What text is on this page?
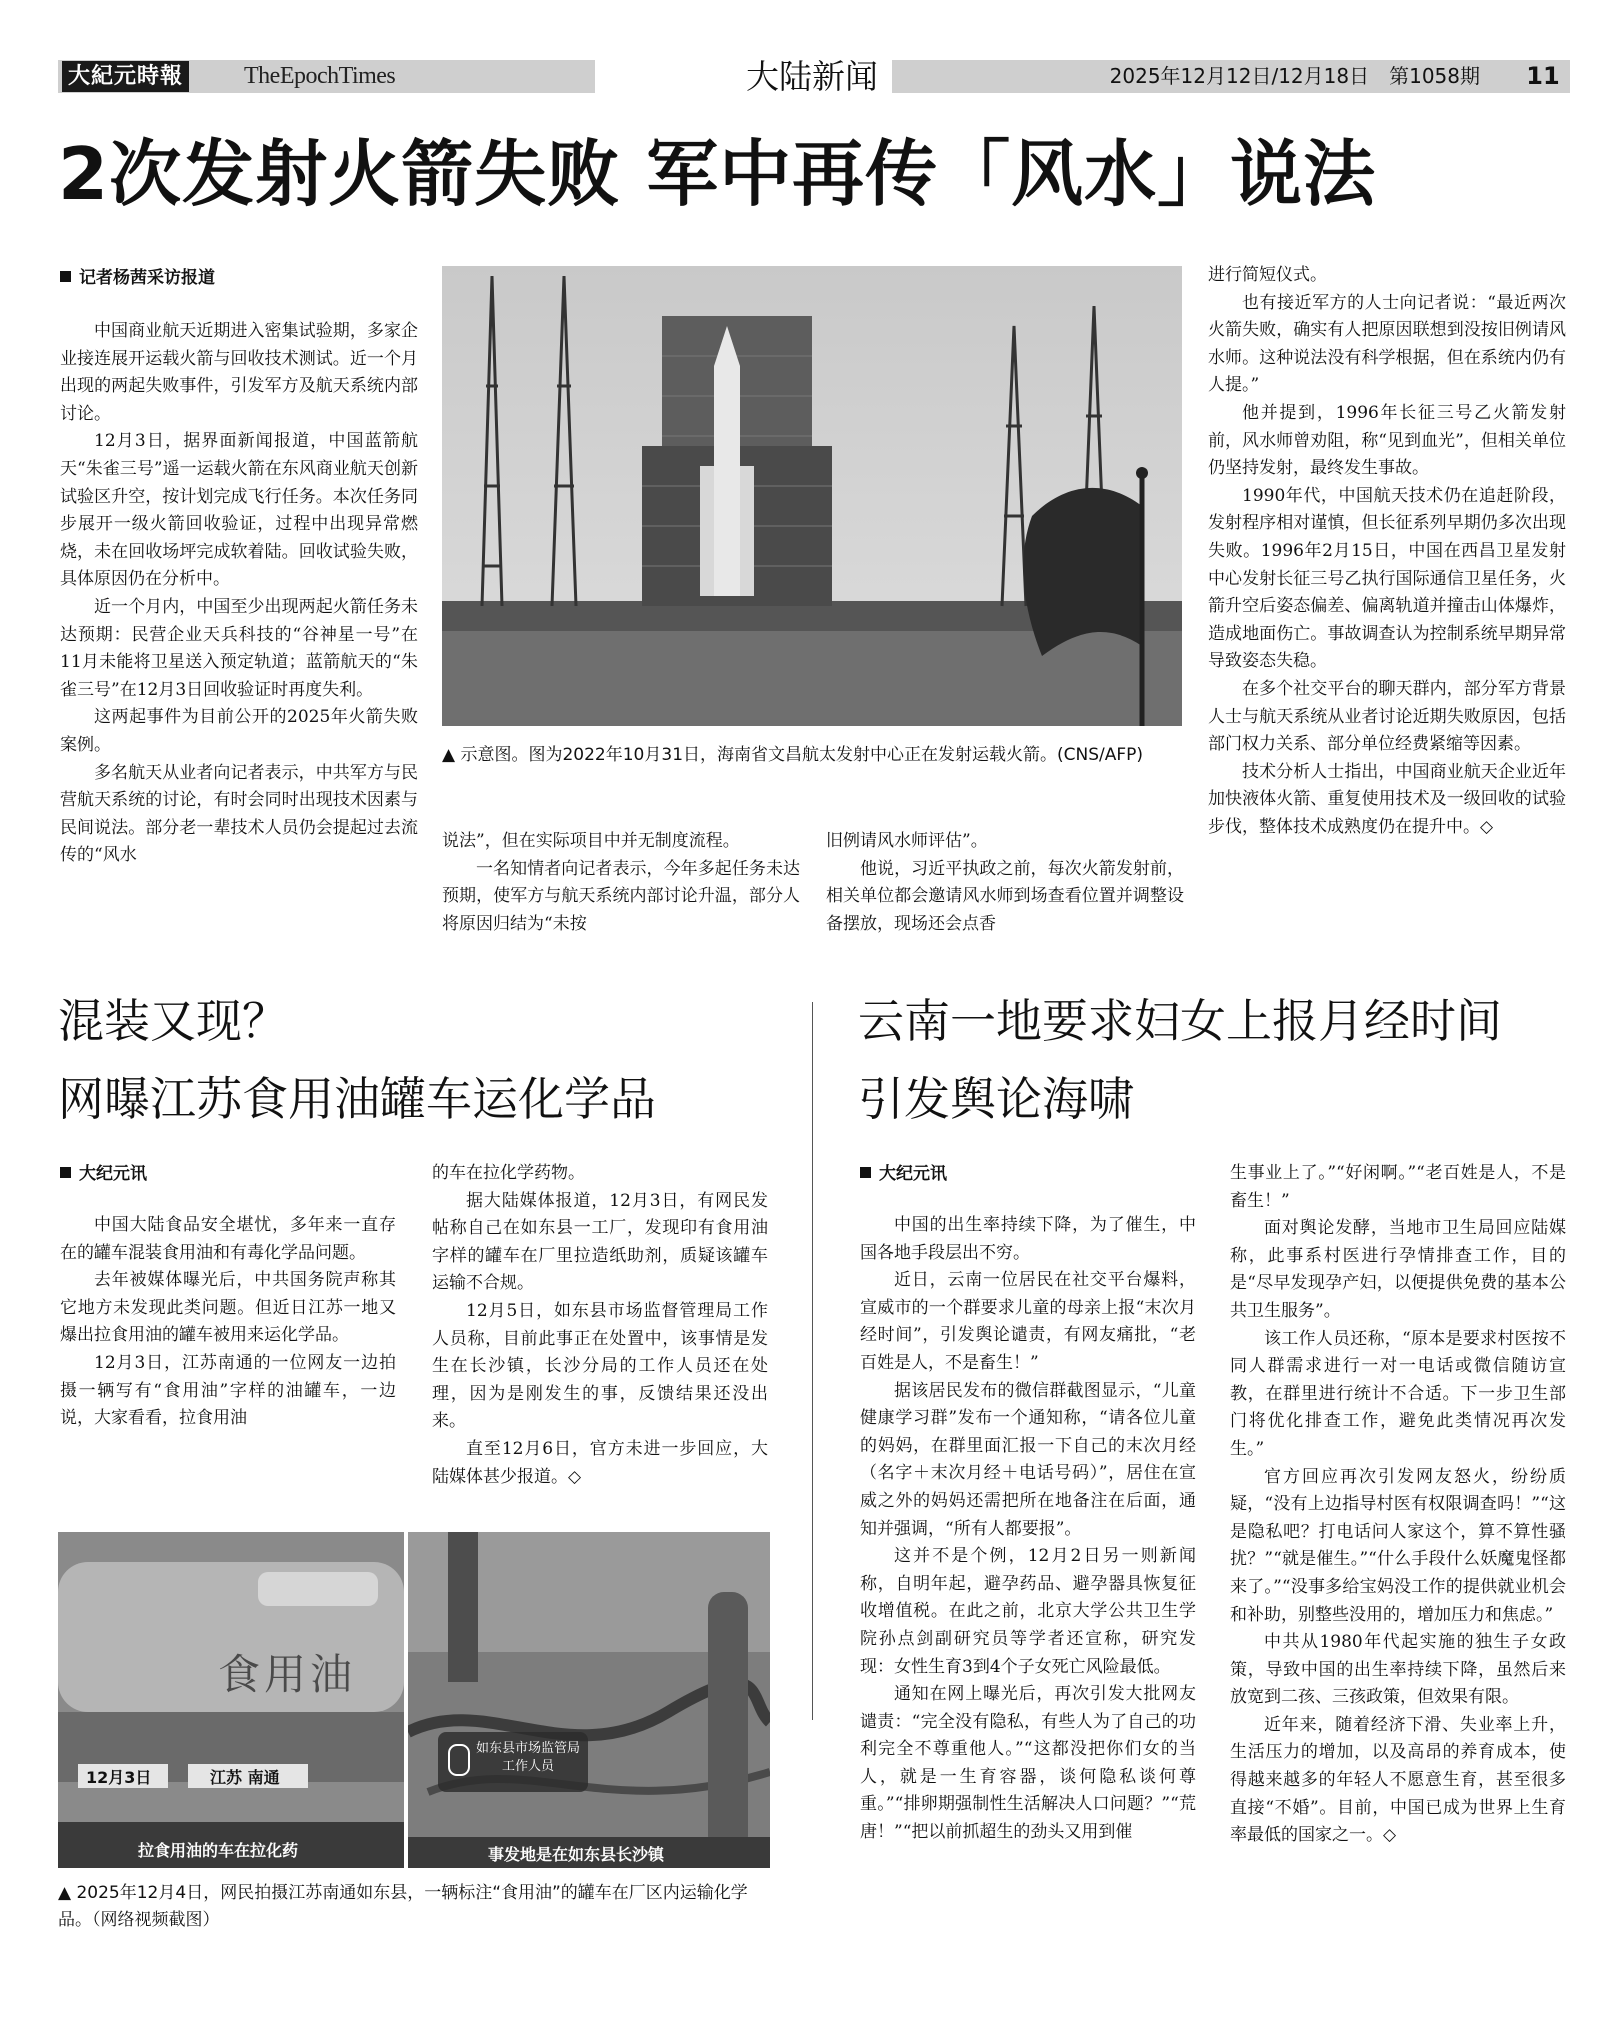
大紀元時報	TheEpochTimes	大陆新闻	2025年12月12日/12月18日　第1058期	11
2次发射火箭失败 军中再传「风水」说法
记者杨茜采访报道

中国商业航天近期进入密集试验期，多家企业接连展开运载火箭与回收技术测试。近一个月出现的两起失败事件，引发军方及航天系统内部讨论。

12月3日，据界面新闻报道，中国蓝箭航天“朱雀三号”遥一运载火箭在东风商业航天创新试验区升空，按计划完成飞行任务。本次任务同步展开一级火箭回收验证，过程中出现异常燃烧，未在回收场坪完成软着陆。回收试验失败，具体原因仍在分析中。

近一个月内，中国至少出现两起火箭任务未达预期：民营企业天兵科技的“谷神星一号”在11月未能将卫星送入预定轨道；蓝箭航天的“朱雀三号”在12月3日回收验证时再度失利。

这两起事件为目前公开的2025年火箭失败案例。

多名航天从业者向记者表示，中共军方与民营航天系统的讨论，有时会同时出现技术因素与民间说法。部分老一辈技术人员仍会提起过去流传的“风水

▲ 示意图。图为2022年10月31日，海南省文昌航太发射中心正在发射运载火箭。(CNS/AFP)

说法”，但在实际项目中并无制度流程。

一名知情者向记者表示，今年多起任务未达预期，使军方与航天系统内部讨论升温，部分人将原因归结为“未按

旧例请风水师评估”。

他说，习近平执政之前，每次火箭发射前，相关单位都会邀请风水师到场查看位置并调整设备摆放，现场还会点香

进行简短仪式。

也有接近军方的人士向记者说：“最近两次火箭失败，确实有人把原因联想到没按旧例请风水师。这种说法没有科学根据，但在系统内仍有人提。”

他并提到，1996年长征三号乙火箭发射前，风水师曾劝阻，称“见到血光”，但相关单位仍坚持发射，最终发生事故。

1990年代，中国航天技术仍在追赶阶段，发射程序相对谨慎，但长征系列早期仍多次出现失败。1996年2月15日，中国在西昌卫星发射中心发射长征三号乙执行国际通信卫星任务，火箭升空后姿态偏差、偏离轨道并撞击山体爆炸，造成地面伤亡。事故调查认为控制系统早期异常导致姿态失稳。

在多个社交平台的聊天群内，部分军方背景人士与航天系统从业者讨论近期失败原因，包括部门权力关系、部分单位经费紧缩等因素。

技术分析人士指出，中国商业航天企业近年加快液体火箭、重复使用技术及一级回收的试验步伐，整体技术成熟度仍在提升中。◇

混装又现？
网曝江苏食用油罐车运化学品
大纪元讯

中国大陆食品安全堪忧，多年来一直存在的罐车混装食用油和有毒化学品问题。

去年被媒体曝光后，中共国务院声称其它地方未发现此类问题。但近日江苏一地又爆出拉食用油的罐车被用来运化学品。

12月3日，江苏南通的一位网友一边拍摄一辆写有“食用油”字样的油罐车，一边说，大家看看，拉食用油

的车在拉化学药物。

据大陆媒体报道，12月3日，有网民发帖称自己在如东县一工厂，发现印有食用油字样的罐车在厂里拉造纸助剂，质疑该罐车运输不合规。

12月5日，如东县市场监督管理局工作人员称，目前此事正在处置中，该事情是发生在长沙镇，长沙分局的工作人员还在处理，因为是刚发生的事，反馈结果还没出来。

直至12月6日，官方未进一步回应，大陆媒体甚少报道。◇

食用油
12月3日	江苏 南通
拉食用油的车在拉化药
如东县市场监管局
工作人员
事发地是在如东县长沙镇
▲ 2025年12月4日，网民拍摄江苏南通如东县，一辆标注“食用油”的罐车在厂区内运输化学品。（网络视频截图）
云南一地要求妇女上报月经时间
引发舆论海啸
大纪元讯

中国的出生率持续下降，为了催生，中国各地手段层出不穷。

近日，云南一位居民在社交平台爆料，宣威市的一个群要求儿童的母亲上报“末次月经时间”，引发舆论谴责，有网友痛批，“老百姓是人，不是畜生！”

据该居民发布的微信群截图显示，“儿童健康学习群”发布一个通知称，“请各位儿童的妈妈，在群里面汇报一下自己的末次月经（名字＋末次月经＋电话号码）”，居住在宣威之外的妈妈还需把所在地备注在后面，通知并强调，“所有人都要报”。

这并不是个例，12月2日另一则新闻称，自明年起，避孕药品、避孕器具恢复征收增值税。在此之前，北京大学公共卫生学院孙点剑副研究员等学者还宣称，研究发现：女性生育3到4个子女死亡风险最低。

通知在网上曝光后，再次引发大批网友谴责：“完全没有隐私，有些人为了自己的功利完全不尊重他人。”“这都没把你们女的当人，就是一生育容器，谈何隐私谈何尊重。”“排卵期强制性生活解决人口问题？”“荒唐！”“把以前抓超生的劲头又用到催

生事业上了。”“好闲啊。”“老百姓是人，不是畜生！”

面对舆论发酵，当地市卫生局回应陆媒称，此事系村医进行孕情排查工作，目的是“尽早发现孕产妇，以便提供免费的基本公共卫生服务”。

该工作人员还称，“原本是要求村医按不同人群需求进行一对一电话或微信随访宣教，在群里进行统计不合适。下一步卫生部门将优化排查工作，避免此类情况再次发生。”

官方回应再次引发网友怒火，纷纷质疑，“没有上边指导村医有权限调查吗！”“这是隐私吧？打电话问人家这个，算不算性骚扰？”“就是催生。”“什么手段什么妖魔鬼怪都来了。”“没事多给宝妈没工作的提供就业机会和补助，别整些没用的，增加压力和焦虑。”

中共从1980年代起实施的独生子女政策，导致中国的出生率持续下降，虽然后来放宽到二孩、三孩政策，但效果有限。

近年来，随着经济下滑、失业率上升，生活压力的增加，以及高昂的养育成本，使得越来越多的年轻人不愿意生育，甚至很多直接“不婚”。目前，中国已成为世界上生育率最低的国家之一。◇
